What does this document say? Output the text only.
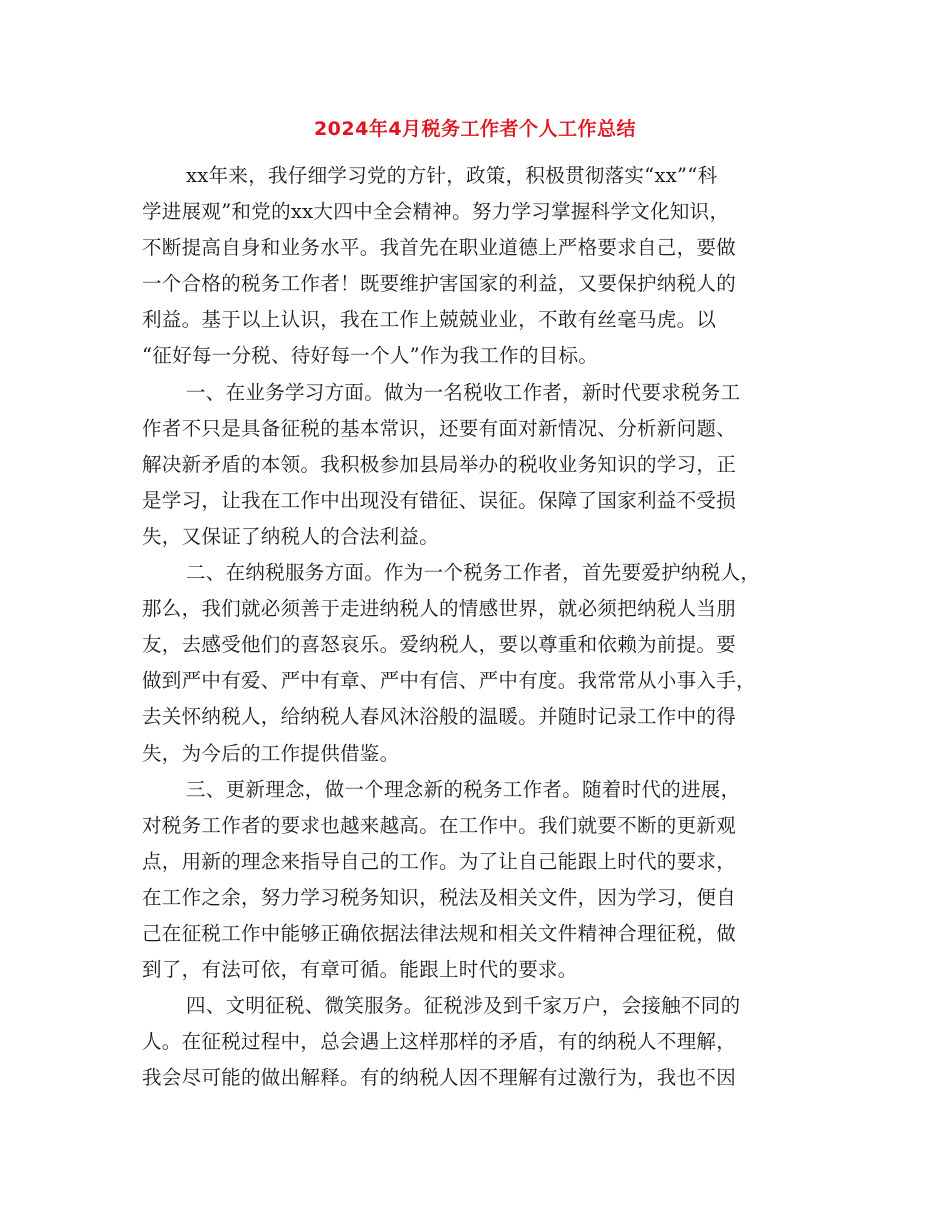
2024年4月税务工作者个人工作总结
xx年来，我仔细学习党的方针，政策，积极贯彻落实“xx”“科
学进展观”和党的xx大四中全会精神。努力学习掌握科学文化知识，
不断提高自身和业务水平。我首先在职业道德上严格要求自己，要做
一个合格的税务工作者！既要维护害国家的利益，又要保护纳税人的
利益。基于以上认识，我在工作上兢兢业业，不敢有丝毫马虎。以
“征好每一分税、待好每一个人”作为我工作的目标。
一、在业务学习方面。做为一名税收工作者，新时代要求税务工
作者不只是具备征税的基本常识，还要有面对新情况、分析新问题、
解决新矛盾的本领。我积极参加县局举办的税收业务知识的学习，正
是学习，让我在工作中出现没有错征、误征。保障了国家利益不受损
失，又保证了纳税人的合法利益。
二、在纳税服务方面。作为一个税务工作者，首先要爱护纳税人，
那么，我们就必须善于走进纳税人的情感世界，就必须把纳税人当朋
友，去感受他们的喜怒哀乐。爱纳税人，要以尊重和依赖为前提。要
做到严中有爱、严中有章、严中有信、严中有度。我常常从小事入手，
去关怀纳税人，给纳税人春风沐浴般的温暖。并随时记录工作中的得
失，为今后的工作提供借鉴。
三、更新理念，做一个理念新的税务工作者。随着时代的进展，
对税务工作者的要求也越来越高。在工作中。我们就要不断的更新观
点，用新的理念来指导自己的工作。为了让自己能跟上时代的要求，
在工作之余，努力学习税务知识，税法及相关文件，因为学习，便自
己在征税工作中能够正确依据法律法规和相关文件精神合理征税，做
到了，有法可依，有章可循。能跟上时代的要求。
四、文明征税、微笑服务。征税涉及到千家万户，会接触不同的
人。在征税过程中，总会遇上这样那样的矛盾，有的纳税人不理解，
我会尽可能的做出解释。有的纳税人因不理解有过激行为，我也不因
